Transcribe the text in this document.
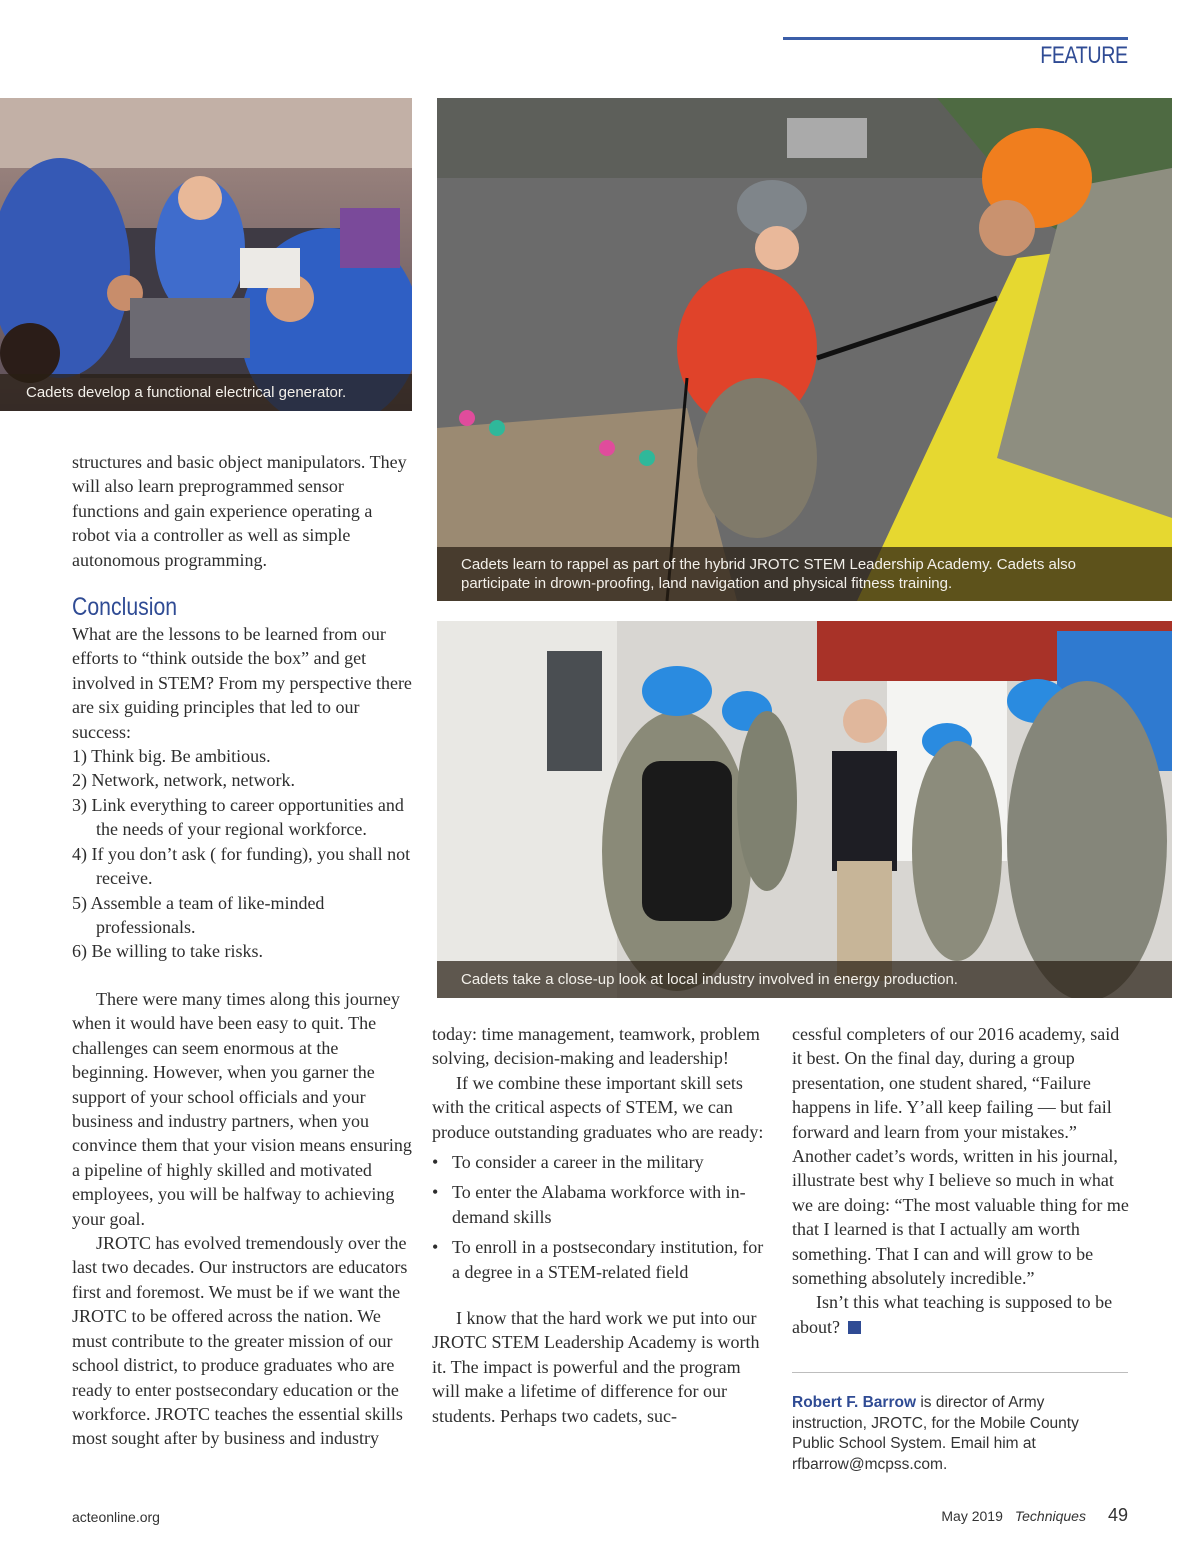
FEATURE
Cadets develop a functional electrical generator.
Cadets learn to rappel as part of the hybrid JROTC STEM Leadership Academy. Cadets also participate in drown-proofing, land navigation and physical fitness training.
Cadets take a close-up look at local industry involved in energy production.

structures and basic object manipulators. They will also learn preprogrammed sensor functions and gain experience operating a robot via a controller as well as simple autonomous programming.

Conclusion

What are the lessons to be learned from our efforts to “think outside the box” and get involved in STEM? From my perspective there are six guiding principles that led to our success:

1) Think big. Be ambitious.
2) Network, network, network.
3) Link everything to career opportunities and the needs of your regional workforce.
4) If you don’t ask ( for funding), you shall not receive.
5) Assemble a team of like-minded professionals.
6) Be willing to take risks.

There were many times along this journey when it would have been easy to quit. The challenges can seem enormous at the beginning. However, when you garner the support of your school officials and your business and industry partners, when you convince them that your vision means ensuring a pipeline of highly skilled and motivated employees, you will be halfway to achieving your goal.

JROTC has evolved tremendously over the last two decades. Our instructors are educators first and foremost. We must be if we want the JROTC to be offered across the nation. We must contribute to the greater mission of our school district, to produce graduates who are ready to enter postsecondary education or the workforce. JROTC teaches the essential skills most sought after by business and industry

today: time management, teamwork, problem solving, decision-making and leadership!

If we combine these important skill sets with the critical aspects of STEM, we can produce outstanding graduates who are ready:

• To consider a career in the military
• To enter the Alabama workforce with in-demand skills
• To enroll in a postsecondary institution, for a degree in a STEM-related field

I know that the hard work we put into our JROTC STEM Leadership Academy is worth it. The impact is powerful and the program will make a lifetime of difference for our students. Perhaps two cadets, suc-

cessful completers of our 2016 academy, said it best. On the final day, during a group presentation, one student shared, “Failure happens in life. Y’all keep failing — but fail forward and learn from your mistakes.” Another cadet’s words, written in his journal, illustrate best why I believe so much in what we are doing: “The most valuable thing for me that I learned is that I actually am worth something. That I can and will grow to be something absolutely incredible.”

Isn’t this what teaching is supposed to be about?

Robert F. Barrow is director of Army instruction, JROTC, for the Mobile County Public School System. Email him at rfbarrow@mcpss.com.
acteonline.org	May 2019 Techniques 49
